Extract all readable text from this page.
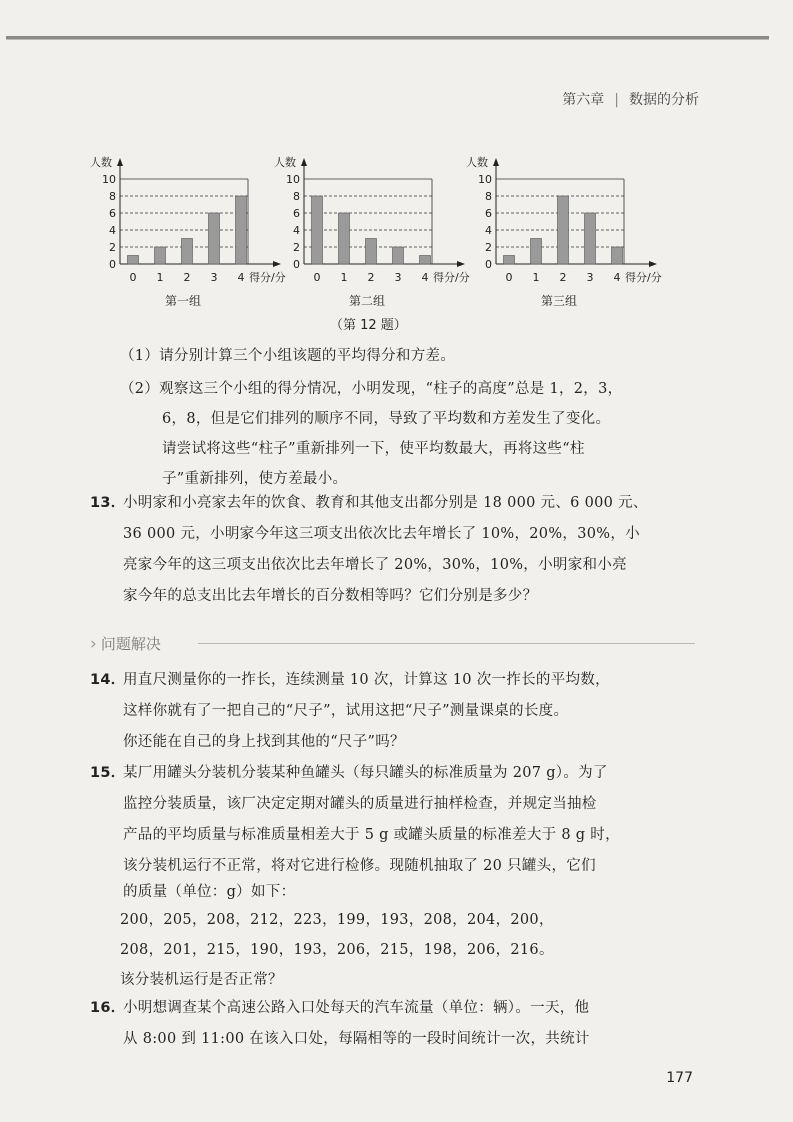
第六章 | 数据的分析
人数
0
2
4
6
8
10
0 1 2 3 4 得分/分
第一组
人数
0
2
4
6
8
10
0 1 2 3 4 得分/分
第二组
人数
0
2
4
6
8
10
0 1 2 3 4 得分/分
第三组
（第 12 题）
（1）请分别计算三个小组该题的平均得分和方差。
（2）观察这三个小组的得分情况，小明发现，“柱子的高度”总是 1，2，3，
6，8，但是它们排列的顺序不同，导致了平均数和方差发生了变化。
请尝试将这些“柱子”重新排列一下，使平均数最大，再将这些“柱
子”重新排列，使方差最小。
13．
小明家和小亮家去年的饮食、教育和其他支出都分别是 18 000 元、6 000 元、
36 000 元，小明家今年这三项支出依次比去年增长了 10%，20%，30%，小
亮家今年的这三项支出依次比去年增长了 20%，30%，10%，小明家和小亮
家今年的总支出比去年增长的百分数相等吗？它们分别是多少？
› 问题解决
14．
用直尺测量你的一拃长，连续测量 10 次，计算这 10 次一拃长的平均数，
这样你就有了一把自己的“尺子”，试用这把“尺子”测量课桌的长度。
你还能在自己的身上找到其他的“尺子”吗？
15．
某厂用罐头分装机分装某种鱼罐头（每只罐头的标准质量为 207 g）。为了
监控分装质量，该厂决定定期对罐头的质量进行抽样检查，并规定当抽检
产品的平均质量与标准质量相差大于 5 g 或罐头质量的标准差大于 8 g 时，
该分装机运行不正常，将对它进行检修。现随机抽取了 20 只罐头，它们
的质量（单位：g）如下：
200，205，208，212，223，199，193，208，204，200，
208，201，215，190，193，206，215，198，206，216。
该分装机运行是否正常？
16．
小明想调查某个高速公路入口处每天的汽车流量（单位：辆）。一天，他
从 8:00 到 11:00 在该入口处，每隔相等的一段时间统计一次，共统计
177
